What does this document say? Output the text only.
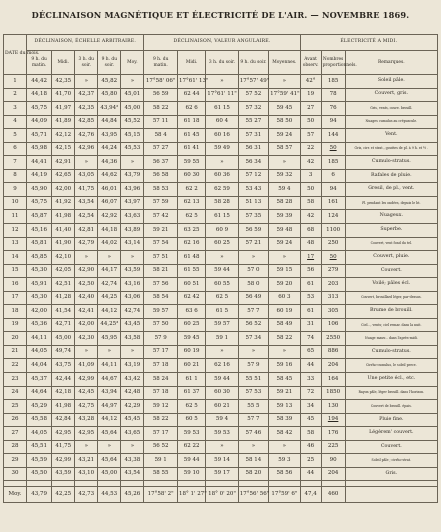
DÉCLINAISON MAGNÉTIQUE ET ÉLECTRICITÉ DE L'AIR. — NOVEMBRE 1869.
DATE du mois.	DÉCLINAISON, ÉCHELLE ARBITRAIRE.					DÉCLINAISON, VALEUR ANGULAIRE.					ÉLECTRICITÉ A MIDI.		
	9 h. du matin.	Midi.	3 h. du soir.	9 h. du soir.	Moy.	9 h. du matin.	Midi.	3 h. du soir.	9 h. du soir.	Moyennes.	Avant observ.	Nombres proportionnels.	Remarques.
1	44,42	42,35	»	45,82	»	17°58' 06"	17°61' 13"	»	17°57' 49"	»	42°	185	Soleil pâle.
2	44,18	41,70	42,37	45,80	45,01	56 59	62 44	17°61' 11"	57 52	17°59' 41"	19	78	Couvert, gris.
3	45,75	41,97	42,35	43,94²	45,00	58 22	62 6	61 15	57 32	59 45	27	76	Gris, vents, coure. brouill.
4	44,09	41,89	42,85	44,84	45,52	57 11	61 18	60 4	55 27	58 50	50	94	Nuages cumulus au crépuscule.
5	45,71	42,12	42,76	43,95	45,15	58 4	61 45	60 16	57 31	59 24	57	144	Vent.
6	45,98	42,15	42,96	44,24	45,53	57 27	61 41	59 49	56 31	58 57	22	50	Gris, cirr. et strat., gouttes de pl. à 9 h. et ½ .
7	44,41	42,91	»	44,36	»	56 37	59 55	»	56 34	»	42	185	Cumulo-stratus.
8	44,19	42,65	43,05	44,62	43,79	56 58	60 30	60 36	57 12	59 32	3	6	Rafales de pluie.
9	45,90	42,00	41,75	46,01	43,96	58 53	62 2	62 59	53 43	59 4	50	94	Gresil, de pl., vent.
10	45,75	41,92	43,54	46,07	43,97	57 59	62 13	58 28	51 13	58 28	58	161	Pl. pendant les ondées, depuis le bt.
11	45,87	41,98	42,54	42,92	43,63	57 42	62 5	61 15	57 35	59 39	42	124	Nuageux.
12	45,16	41,40	42,81	44,18	43,89	59 21	63 25	60 9	56 59	59 48	68	1100	Superbe.
13	45,81	41,90	42,79	44,02	43,14	57 54	62 16	60 25	57 21	59 24	48	250	Couvert, vent fond du tel.
14	45,85	42,10	»	»	»	57 51	61 48	»	»	»	17	50	Couvert, pluie.
15	45,30	42,05	42,90	44,17	43,59	58 21	61 55	59 44	57 0	59 15	56	279	Couvert.
16	45,91	42,51	42,50	42,74	43,16	57 56	60 51	60 55	58 0	59 20	61	203	Voilé; pâles écl.
17	45,30	41,28	42,40	44,25	43,06	58 54	62 42	62 5	56 49	60 3	53	313	Couvert, brouillard léger, par-dessus.
18	42,00	41,54	42,41	44,12	42,74	59 57	63 6	61 5	57 7	60 19	61	305	Brume de brouill.
19	45,36	42,71	42,00	44,25³	43,45	57 50	60 25	59 57	56 52	58 49	31	106	Ciel..., vents; ciel remar. dans la nuit.
20	44,11	45,00	42,30	45,95	43,58	57 9	59 45	59 1	57 34	58 22	74	2550	Nuage mauv... dans l'après-midi.
21	44,05	49,74	»	»	»	57 17	60 19	»	»	»	65	886	Cumulo-stratus.
22	44,04	43,75	41,09	44,11	43,19	57 18	60 21	62 16	57 9	59 16	44	204	Cirrho-cumulus, le soleil perce.
23	45,37	42,44	42,99	44,67	43,42	58 24	61 1	59 44	55 51	58 45	33	164	Une petite écl., etc.
24	44,64	42,18	42,45	43,94	42,48	57 18	61 37	60 30	57 53	59 21	72	1850	Rayon pâle, léger brouill. dans l'horizon.
25	45,29	41,98	42,75	44,97	42,29	59 12	62 5	60 21	55 5	59 13	34	130	Couvert de brouill. épais.
26	45,58	42,84	43,28	44,12	45,45	58 22	60 5	59 4	57 7	58 39	45	194	Pluie fine.
27	44,05	42,95	42,95	45,64	43,65	57 17	59 53	59 53	57 46	58 42	58	176	Légèrem' couvert.
28	45,51	41,75	»	»	»	56 52	62 22	»	»	»	46	225	Couvert.
29	45,59	42,99	43,21	45,64	43,38	59 1	59 44	59 14	58 14	59 3	25	90	Soleil pâle ; cirrho-strat.
30	45,50	43,59	43,10	45,00	43,54	58 55	59 10	59 17	58 20	58 56	44	204	Gris.

Moy.	43,79	42,25	42,73	44,53	45,26	17°58' 2"	18° 1' 27"	18° 0' 20"	17°56' 56"	17°59' 6"	47,4	460	
